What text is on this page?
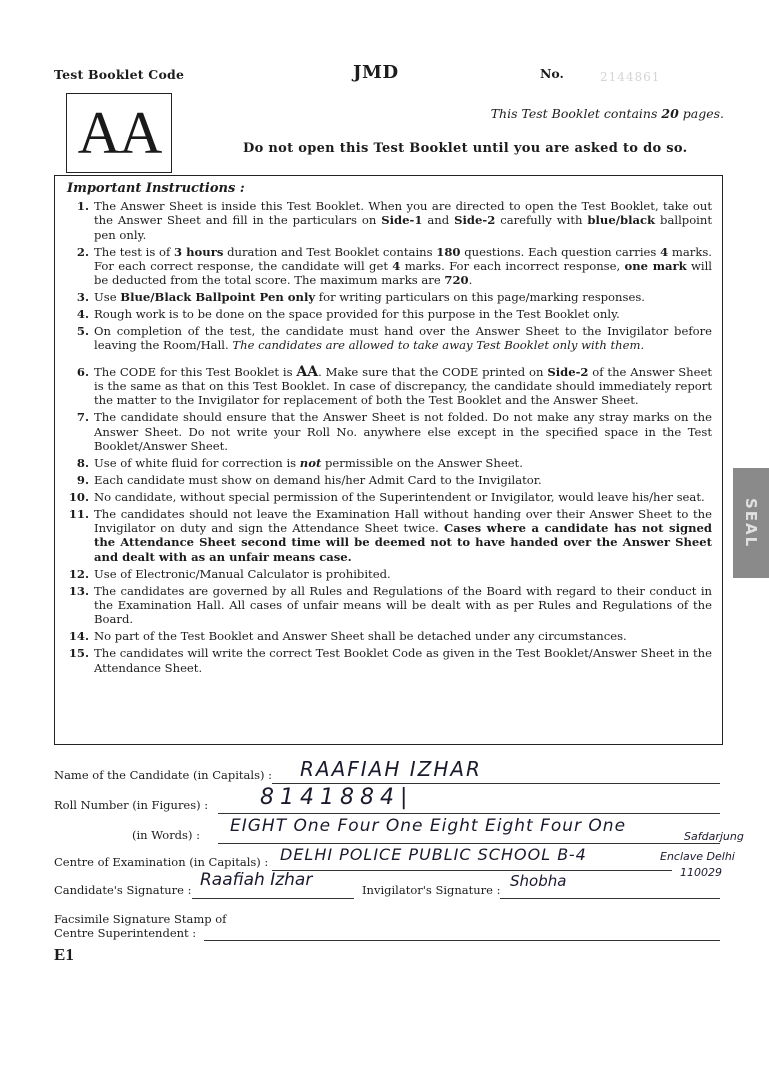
Test Booklet Code	JMD	No.	2144861
AA	This Test Booklet contains 20 pages.
Do not open this Test Booklet until you are asked to do so.
Important Instructions :
1. The Answer Sheet is inside this Test Booklet. When you are directed to open the Test Booklet, take out the Answer Sheet and fill in the particulars on Side-1 and Side-2 carefully with blue/black ballpoint pen only.
2. The test is of 3 hours duration and Test Booklet contains 180 questions. Each question carries 4 marks. For each correct response, the candidate will get 4 marks. For each incorrect response, one mark will be deducted from the total score. The maximum marks are 720.
3. Use Blue/Black Ballpoint Pen only for writing particulars on this page/marking responses.
4. Rough work is to be done on the space provided for this purpose in the Test Booklet only.
5. On completion of the test, the candidate must hand over the Answer Sheet to the Invigilator before leaving the Room/Hall. The candidates are allowed to take away Test Booklet only with them.
6. The CODE for this Test Booklet is AA. Make sure that the CODE printed on Side-2 of the Answer Sheet is the same as that on this Test Booklet. In case of discrepancy, the candidate should immediately report the matter to the Invigilator for replacement of both the Test Booklet and the Answer Sheet.
7. The candidate should ensure that the Answer Sheet is not folded. Do not make any stray marks on the Answer Sheet. Do not write your Roll No. anywhere else except in the specified space in the Test Booklet/Answer Sheet.
8. Use of white fluid for correction is not permissible on the Answer Sheet.
9. Each candidate must show on demand his/her Admit Card to the Invigilator.
10. No candidate, without special permission of the Superintendent or Invigilator, would leave his/her seat.
11. The candidates should not leave the Examination Hall without handing over their Answer Sheet to the Invigilator on duty and sign the Attendance Sheet twice. Cases where a candidate has not signed the Attendance Sheet second time will be deemed not to have handed over the Answer Sheet and dealt with as an unfair means case.
12. Use of Electronic/Manual Calculator is prohibited.
13. The candidates are governed by all Rules and Regulations of the Board with regard to their conduct in the Examination Hall. All cases of unfair means will be dealt with as per Rules and Regulations of the Board.
14. No part of the Test Booklet and Answer Sheet shall be detached under any circumstances.
15. The candidates will write the correct Test Booklet Code as given in the Test Booklet/Answer Sheet in the Attendance Sheet.
SEAL
Name of the Candidate (in Capitals) : RAAFIAH IZHAR
Roll Number (in Figures) : 8141884|
(in Words) : EIGHT One Four One Eight Eight Four One
Centre of Examination (in Capitals) : DELHI POLICE PUBLIC SCHOOL B-4
Safdarjung
Enclave Delhi
110029
Candidate's Signature : Raafiah Izhar	Invigilator's Signature : Shobha
Facsimile Signature Stamp of
Centre Superintendent :
E1
